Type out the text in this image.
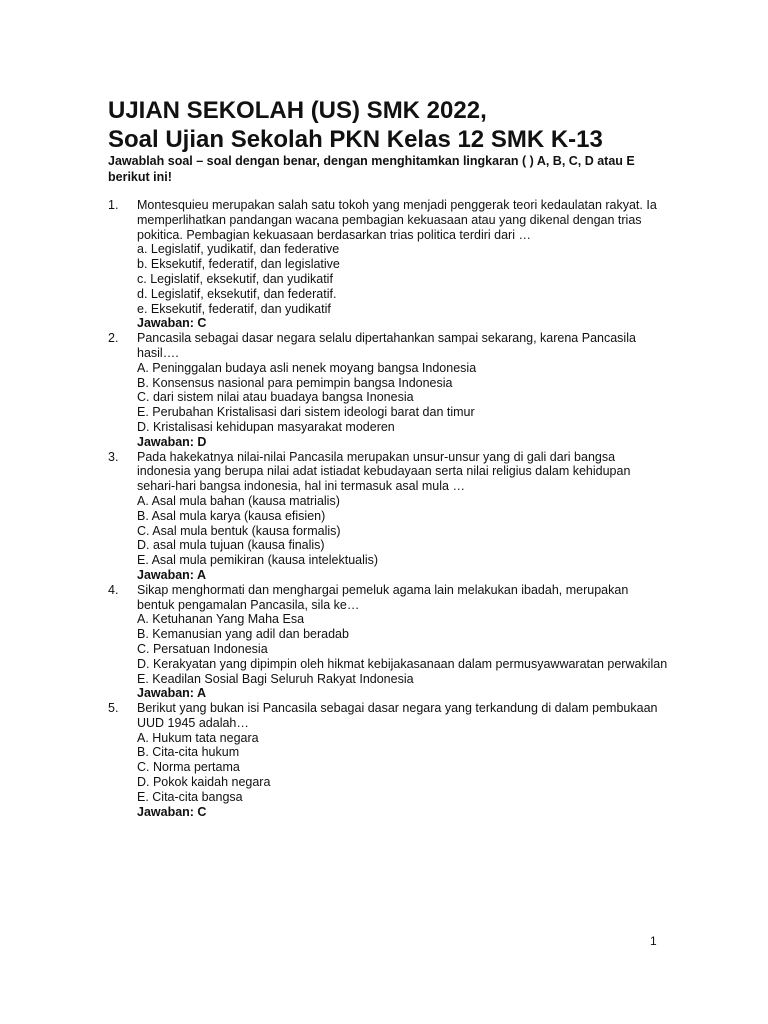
UJIAN SEKOLAH (US) SMK 2022,
Soal Ujian Sekolah PKN Kelas 12 SMK K-13

Jawablah soal – soal dengan benar, dengan menghitamkan lingkaran ( ) A, B, C, D atau E berikut ini!

1.	Montesquieu merupakan salah satu tokoh yang menjadi penggerak teori kedaulatan rakyat. Ia memperlihatkan pandangan wacana pembagian kekuasaan atau yang dikenal dengan trias pokitica. Pembagian kekuasaan berdasarkan trias politica terdiri dari …
a. Legislatif, yudikatif, dan federative
b. Eksekutif, federatif, dan legislative
c. Legislatif, eksekutif, dan yudikatif
d. Legislatif, eksekutif, dan federatif.
e. Eksekutif, federatif, dan yudikatif
Jawaban: C
2.	Pancasila sebagai dasar negara selalu dipertahankan sampai sekarang, karena Pancasila hasil….
A. Peninggalan budaya asli nenek moyang bangsa Indonesia
B. Konsensus nasional para pemimpin bangsa Indonesia
C. dari sistem nilai atau buadaya bangsa Inonesia
E. Perubahan Kristalisasi dari sistem ideologi barat dan timur
D. Kristalisasi kehidupan masyarakat moderen
Jawaban: D
3.	Pada hakekatnya nilai-nilai Pancasila merupakan unsur-unsur yang di gali dari bangsa indonesia yang berupa nilai adat istiadat kebudayaan serta nilai religius dalam kehidupan sehari-hari bangsa indonesia, hal ini termasuk asal mula …
A. Asal mula bahan (kausa matrialis)
B. Asal mula karya (kausa efisien)
C. Asal mula bentuk (kausa formalis)
D. asal mula tujuan (kausa finalis)
E. Asal mula pemikiran (kausa intelektualis)
Jawaban: A
4.	Sikap menghormati dan menghargai pemeluk agama lain melakukan ibadah, merupakan bentuk pengamalan Pancasila, sila ke…
A. Ketuhanan Yang Maha Esa
B. Kemanusian yang adil dan beradab
C. Persatuan Indonesia
D. Kerakyatan yang dipimpin oleh hikmat kebijakasanaan dalam permusyawwaratan perwakilan
E. Keadilan Sosial Bagi Seluruh Rakyat Indonesia
Jawaban: A
5.	Berikut yang bukan isi Pancasila sebagai dasar negara yang terkandung di dalam pembukaan UUD 1945 adalah…
A. Hukum tata negara
B. Cita-cita hukum
C. Norma pertama
D. Pokok kaidah negara
E. Cita-cita bangsa
Jawaban: C
1
